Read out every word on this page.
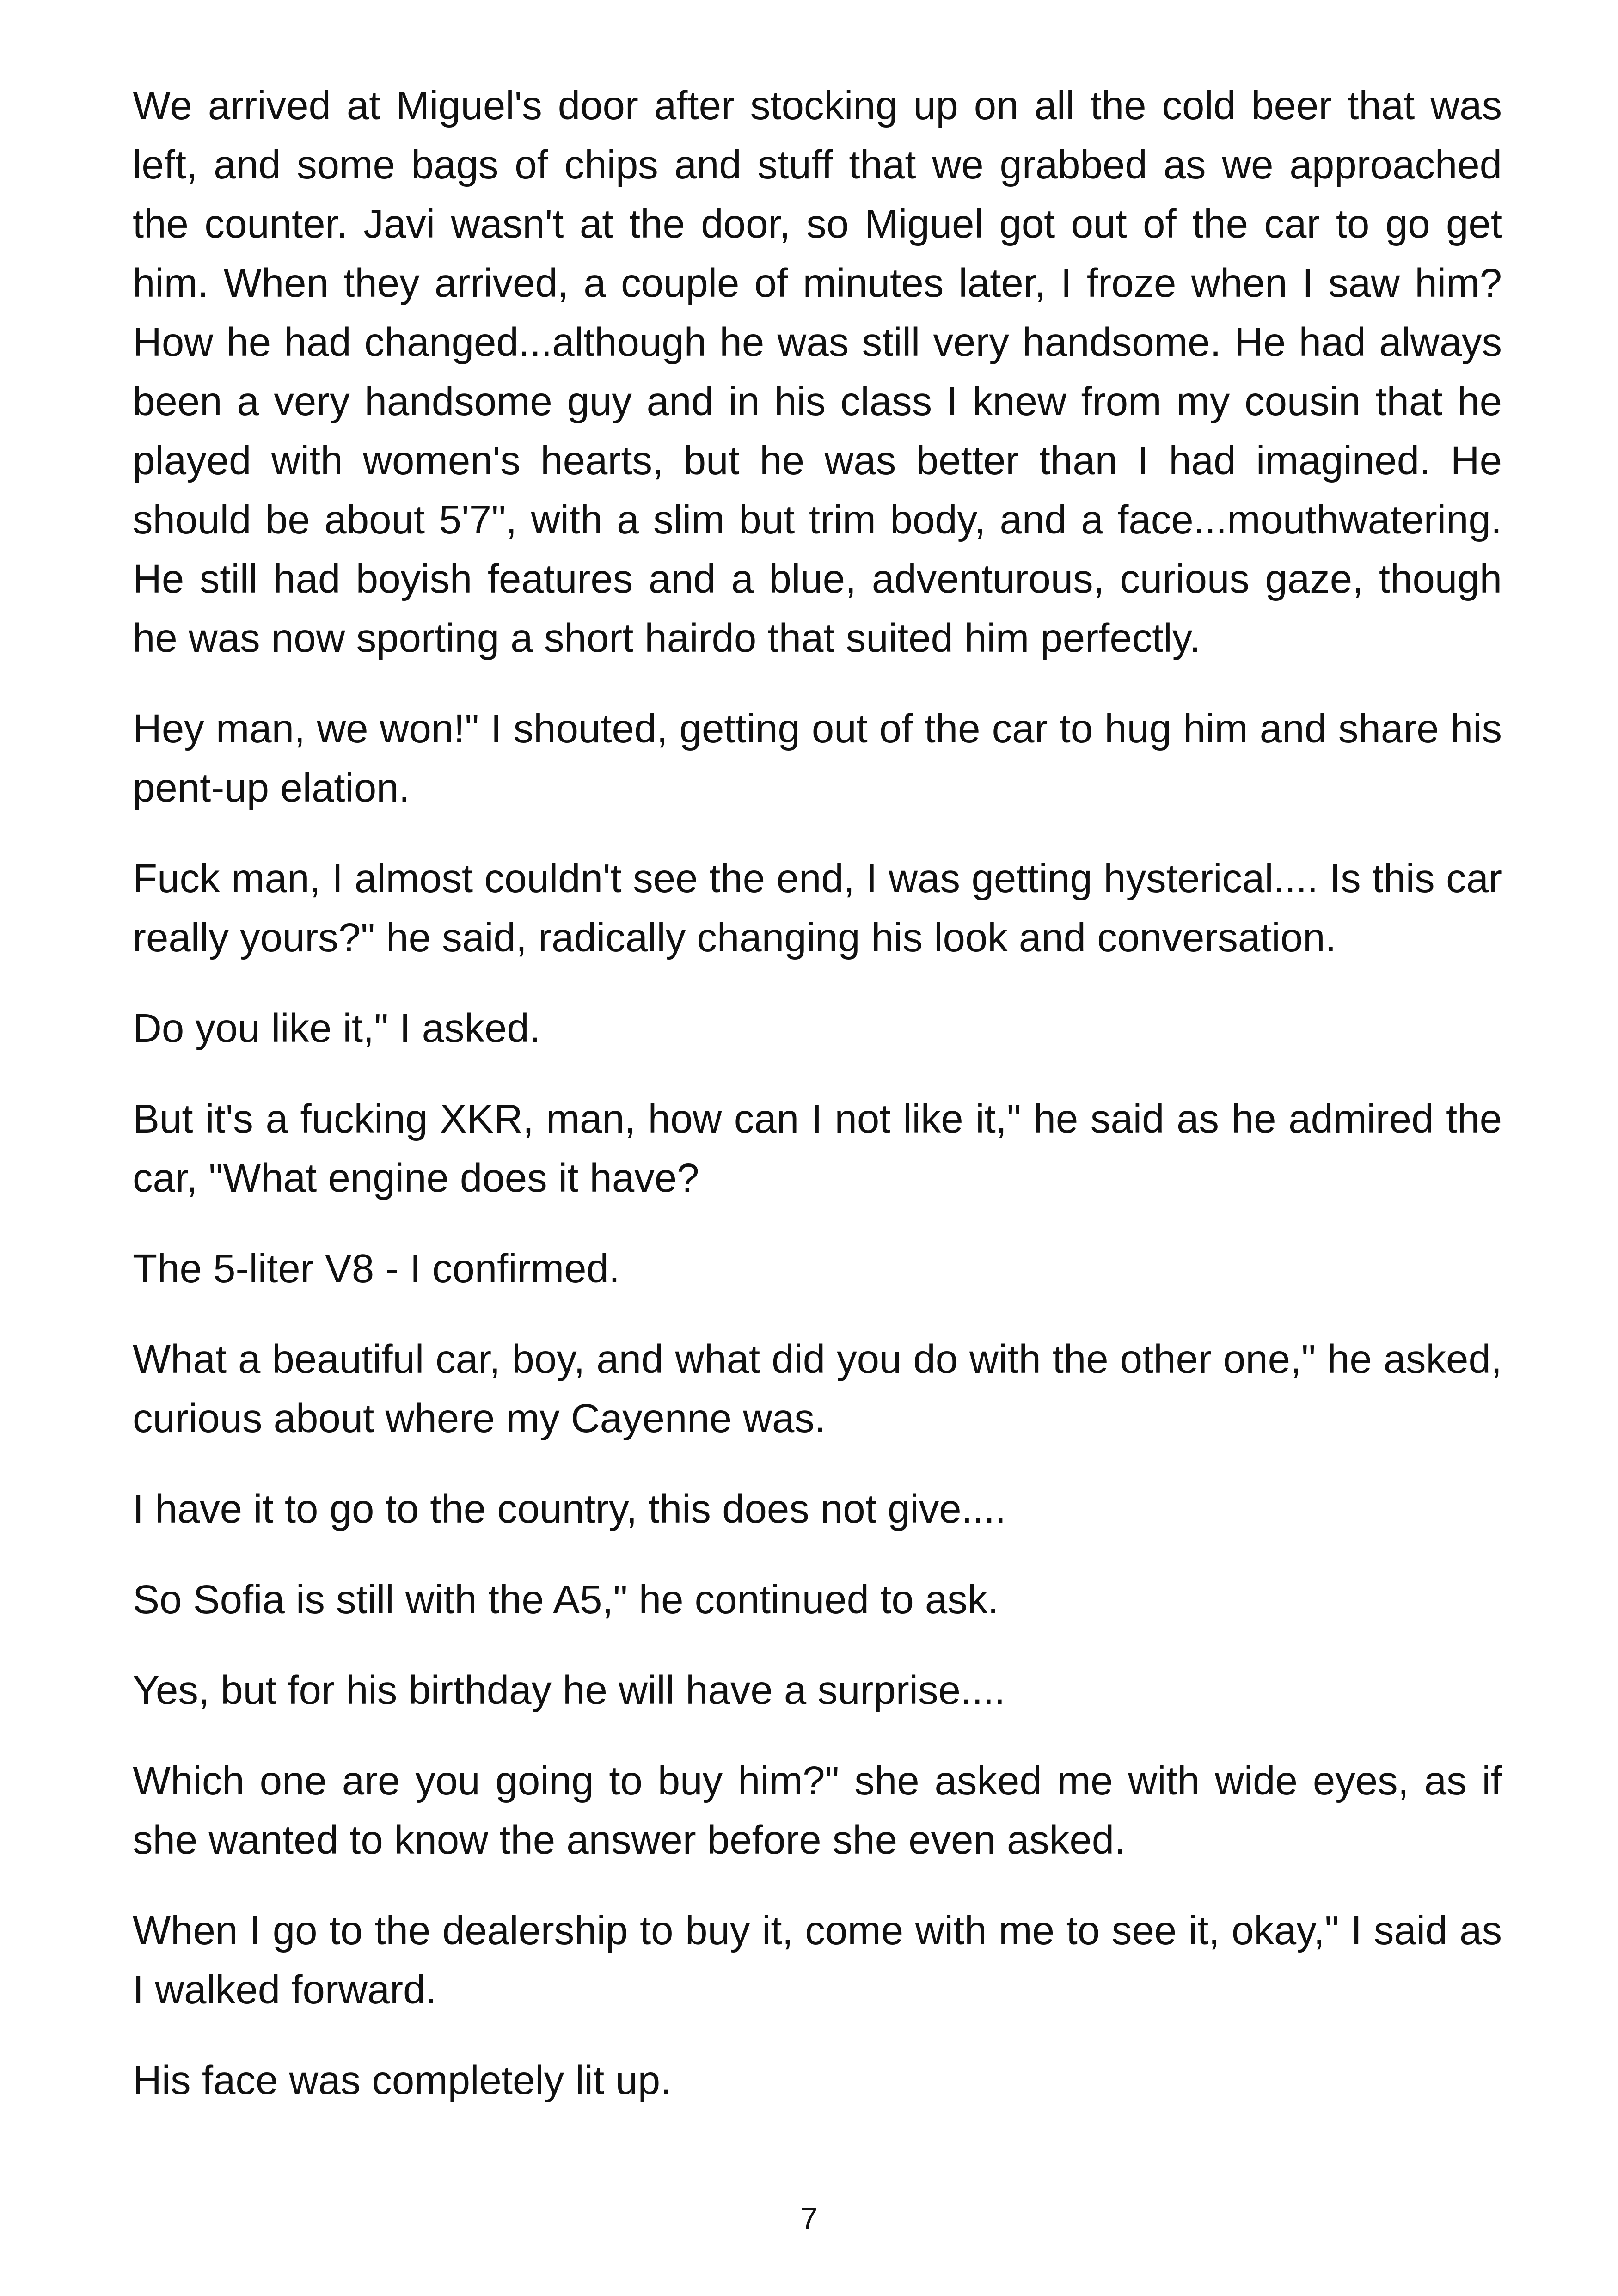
We arrived at Miguel's door after stocking up on all the cold beer that was left, and some bags of chips and stuff that we grabbed as we approached the counter. Javi wasn't at the door, so Miguel got out of the car to go get him. When they arrived, a couple of minutes later, I froze when I saw him? How he had changed...although he was still very handsome. He had always been a very handsome guy and in his class I knew from my cousin that he played with women's hearts, but he was better than I had imagined. He should be about 5'7", with a slim but trim body, and a face...mouthwatering. He still had boyish features and a blue, adventurous, curious gaze, though he was now sporting a short hairdo that suited him perfectly.

Hey man, we won!" I shouted, getting out of the car to hug him and share his pent-up elation.

Fuck man, I almost couldn't see the end, I was getting hysterical.... Is this car really yours?" he said, radically changing his look and conversation.

Do you like it," I asked.

But it's a fucking XKR, man, how can I not like it," he said as he admired the car, "What engine does it have?

The 5-liter V8 - I confirmed.

What a beautiful car, boy, and what did you do with the other one," he asked, curious about where my Cayenne was.

I have it to go to the country, this does not give....

So Sofia is still with the A5," he continued to ask.

Yes, but for his birthday he will have a surprise....

Which one are you going to buy him?" she asked me with wide eyes, as if she wanted to know the answer before she even asked.

When I go to the dealership to buy it, come with me to see it, okay," I said as I walked forward.

His face was completely lit up.

7
